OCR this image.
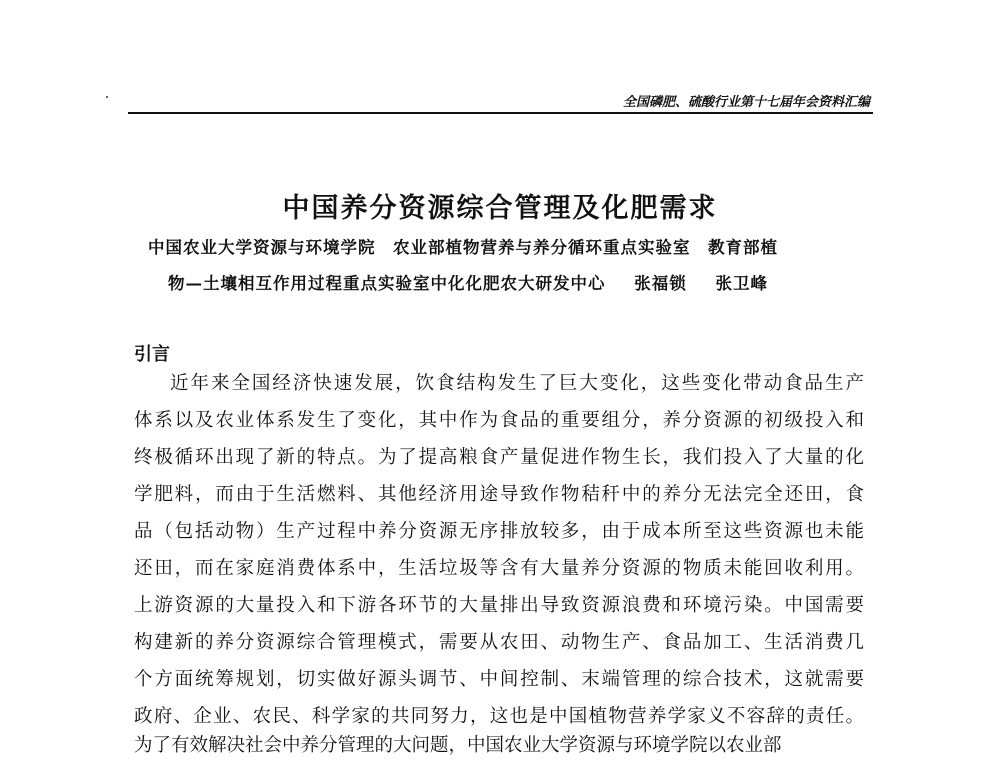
全国磷肥、硫酸行业第十七届年会资料汇编
中国养分资源综合管理及化肥需求
中国农业大学资源与环境学院　农业部植物营养与养分循环重点实验室　教育部植
物—土壤相互作用过程重点实验室中化化肥农大研发中心 张福锁 张卫峰
引言
近年来全国经济快速发展，饮食结构发生了巨大变化，这些变化带动食品生产
体系以及农业体系发生了变化，其中作为食品的重要组分，养分资源的初级投入和
终极循环出现了新的特点。为了提高粮食产量促进作物生长，我们投入了大量的化
学肥料，而由于生活燃料、其他经济用途导致作物秸秆中的养分无法完全还田，食
品（包括动物）生产过程中养分资源无序排放较多，由于成本所至这些资源也未能
还田，而在家庭消费体系中，生活垃圾等含有大量养分资源的物质未能回收利用。
上游资源的大量投入和下游各环节的大量排出导致资源浪费和环境污染。中国需要
构建新的养分资源综合管理模式，需要从农田、动物生产、食品加工、生活消费几
个方面统筹规划，切实做好源头调节、中间控制、末端管理的综合技术，这就需要
政府、企业、农民、科学家的共同努力，这也是中国植物营养学家义不容辞的责任。
为了有效解决社会中养分管理的大问题，中国农业大学资源与环境学院以农业部
